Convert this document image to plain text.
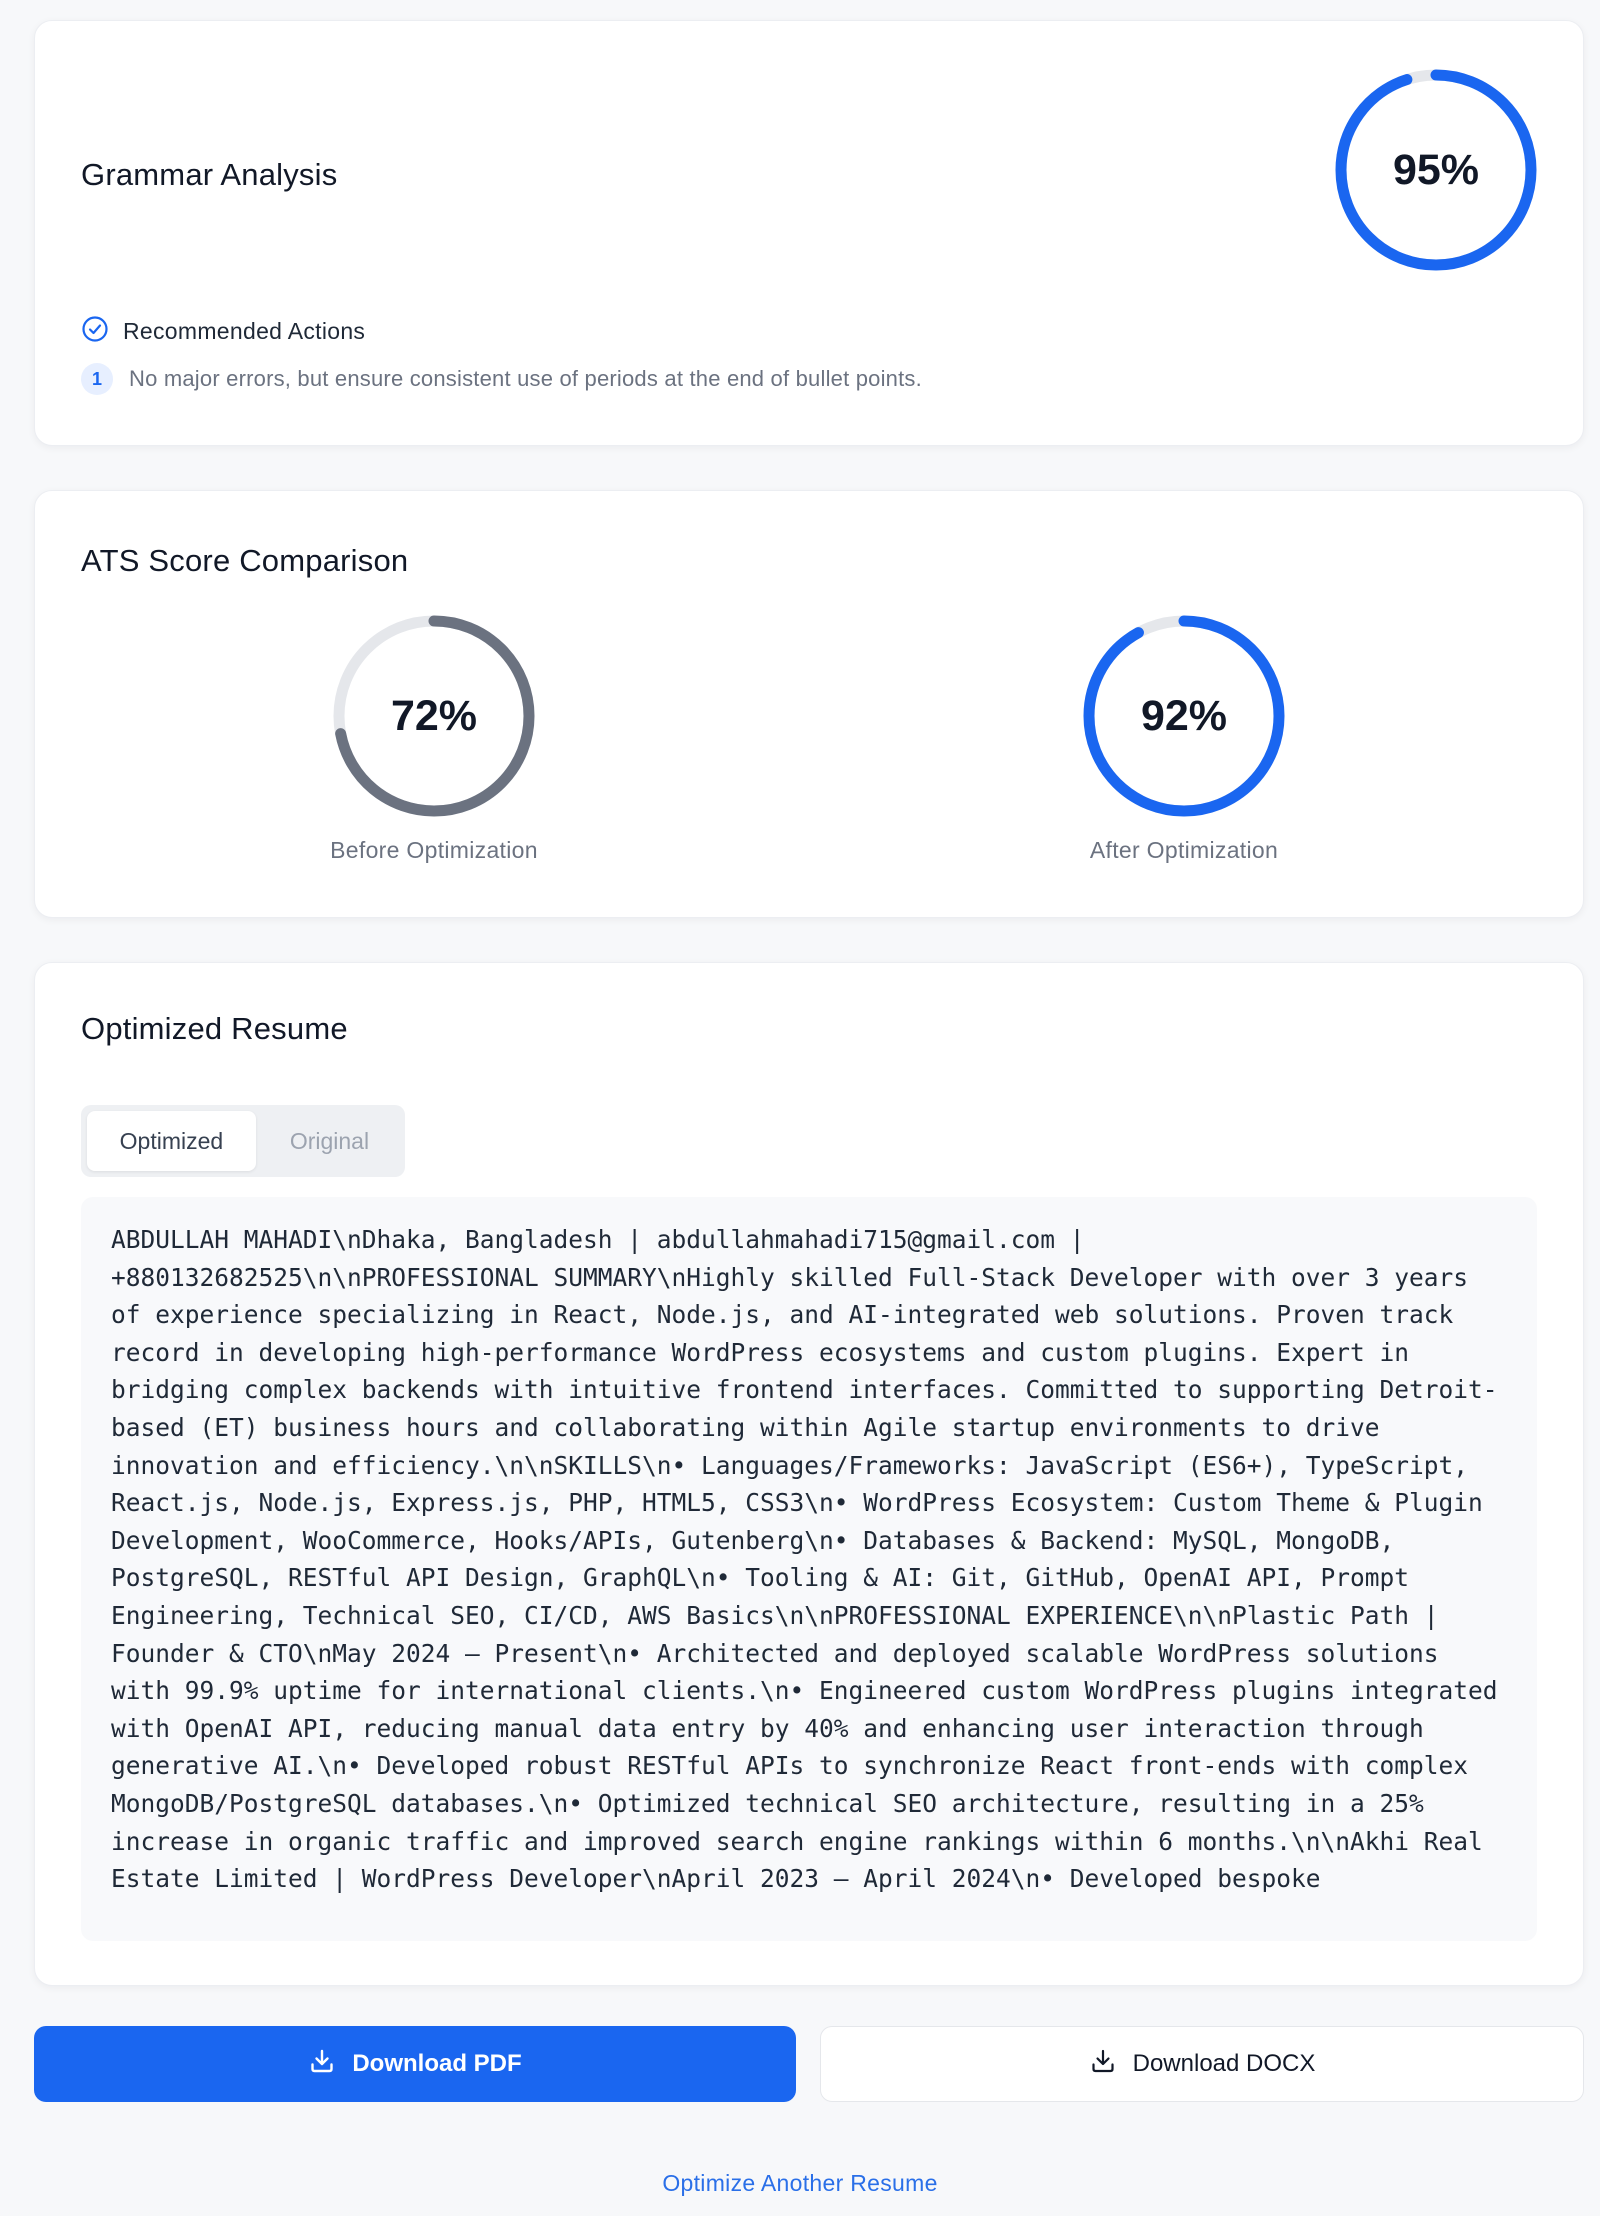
Grammar Analysis	95%
Recommended Actions
1	No major errors, but ensure consistent use of periods at the end of bullet points.
ATS Score Comparison
72%
Before Optimization
92%
After Optimization
Optimized Resume
Optimized	Original
ABDULLAH MAHADI\nDhaka, Bangladesh | abdullahmahadi715@gmail.com | +880132682525\n\nPROFESSIONAL SUMMARY\nHighly skilled Full-Stack Developer with over 3 years of experience specializing in React, Node.js, and AI-integrated web solutions. Proven track record in developing high-performance WordPress ecosystems and custom plugins. Expert in bridging complex backends with intuitive frontend interfaces. Committed to supporting Detroit-based (ET) business hours and collaborating within Agile startup environments to drive innovation and efficiency.\n\nSKILLS\n• Languages/Frameworks: JavaScript (ES6+), TypeScript, React.js, Node.js, Express.js, PHP, HTML5, CSS3\n• WordPress Ecosystem: Custom Theme & Plugin Development, WooCommerce, Hooks/APIs, Gutenberg\n• Databases & Backend: MySQL, MongoDB, PostgreSQL, RESTful API Design, GraphQL\n• Tooling & AI: Git, GitHub, OpenAI API, Prompt Engineering, Technical SEO, CI/CD, AWS Basics\n\nPROFESSIONAL EXPERIENCE\n\nPlastic Path | Founder & CTO\nMay 2024 – Present\n• Architected and deployed scalable WordPress solutions with 99.9% uptime for international clients.\n• Engineered custom WordPress plugins integrated with OpenAI API, reducing manual data entry by 40% and enhancing user interaction through generative AI.\n• Developed robust RESTful APIs to synchronize React front-ends with complex MongoDB/PostgreSQL databases.\n• Optimized technical SEO architecture, resulting in a 25% increase in organic traffic and improved search engine rankings within 6 months.\n\nAkhi Real Estate Limited | WordPress Developer\nApril 2023 – April 2024\n• Developed bespoke
Download PDF	Download DOCX
Optimize Another Resume
